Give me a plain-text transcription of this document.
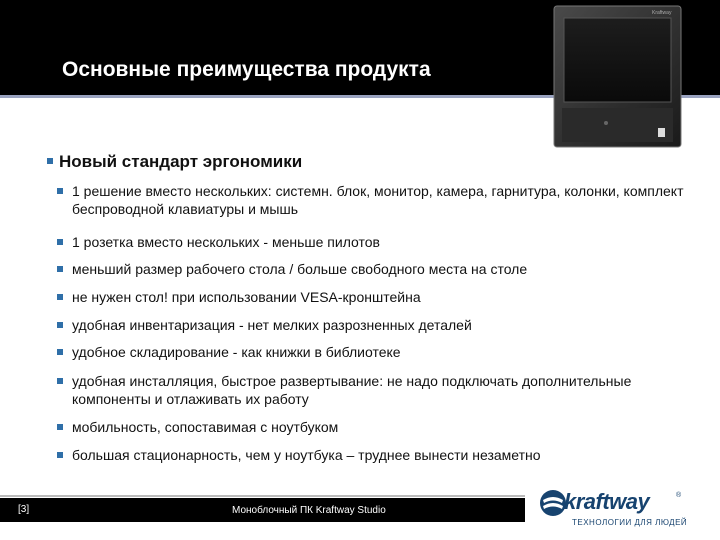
Основные преимущества продукта
Kraftway
Новый стандарт эргономики
1 решение вместо нескольких: системн. блок, монитор, камера, гарнитура, колонки, комплект беспроводной клавиатуры и мышь
1 розетка вместо нескольких - меньше пилотов
меньший размер рабочего стола / больше свободного места на столе
не нужен стол! при использовании VESA-кронштейна
удобная инвентаризация - нет мелких разрозненных деталей
удобное складирование - как книжки в библиотеке
удобная инсталляция, быстрое развертывание: не надо подключать дополнительные компоненты и отлаживать их работу
мобильность, сопоставимая с ноутбуком
большая стационарность, чем у ноутбука – труднее вынести незаметно
[3]	Моноблочный ПК Kraftway Studio	kraftway	®
ТЕХНОЛОГИИ ДЛЯ ЛЮДЕЙ
